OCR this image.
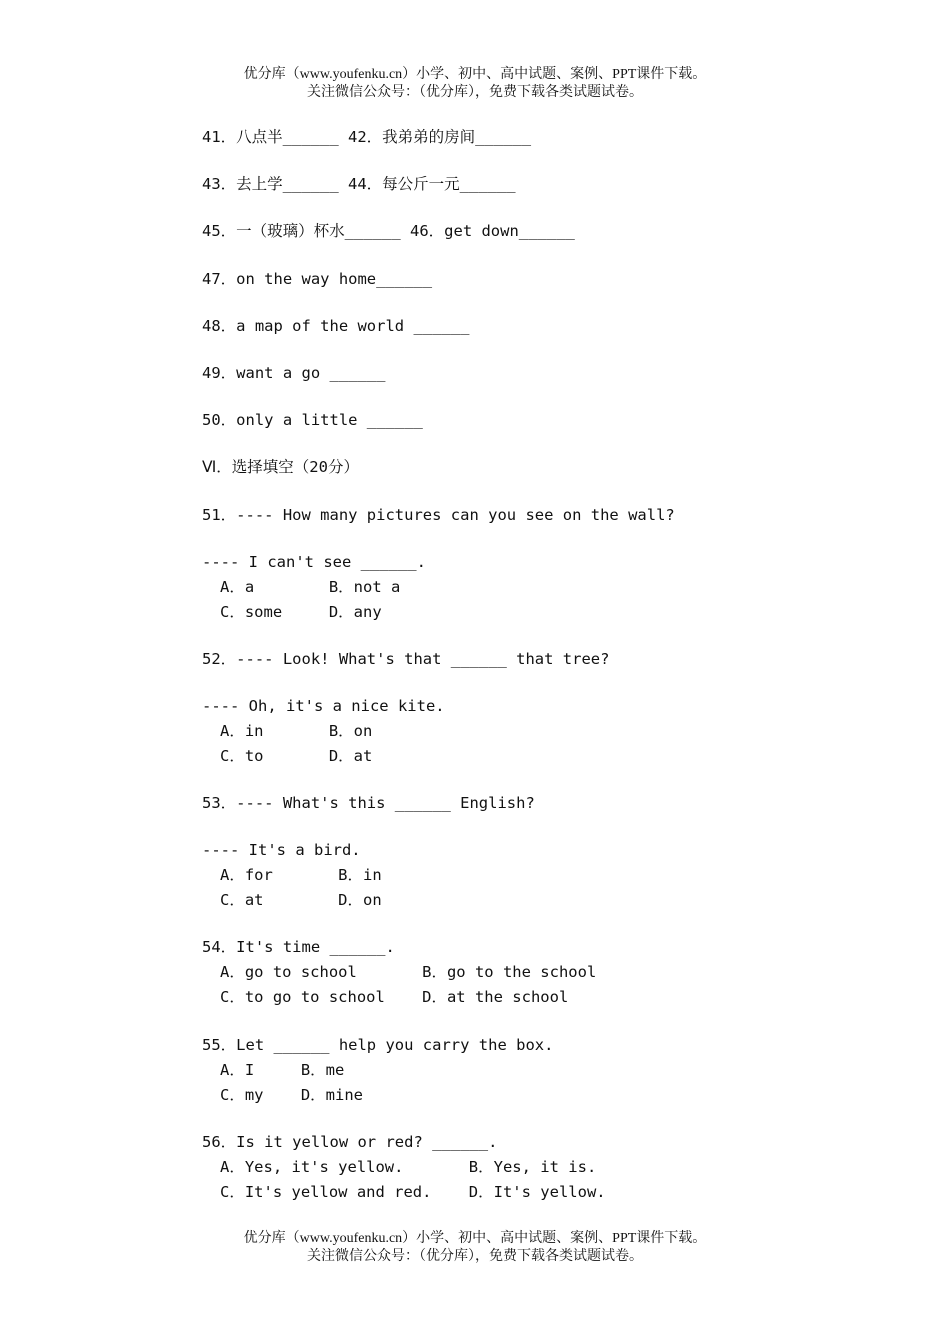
优分库（www.youfenku.cn）小学、初中、高中试题、案例、PPT课件下载。
关注微信公众号：（优分库），免费下载各类试题试卷。
41．八点半______ 42．我弟弟的房间______
43．去上学______ 44．每公斤一元______
45．一（玻璃）杯水______ 46．get down______
47．on the way home______
48．a map of the world ______
49．want a go ______
50．only a little ______
Ⅵ．选择填空（20分）
51．---- How many pictures can you see on the wall?
---- I can't see ______.
A．a        B．not a
C．some     D．any
52．---- Look! What's that ______ that tree?
---- Oh, it's a nice kite.
A．in       B．on
C．to       D．at
53．---- What's this ______ English?
---- It's a bird.
A．for       B．in
C．at        D．on
54．It's time ______.
A．go to school       B．go to the school
C．to go to school    D．at the school
55．Let ______ help you carry the box.
A．I     B．me
C．my    D．mine
56．Is it yellow or red? ______.
A．Yes, it's yellow.       B．Yes, it is.
C．It's yellow and red.    D．It's yellow.
优分库（www.youfenku.cn）小学、初中、高中试题、案例、PPT课件下载。
关注微信公众号：（优分库），免费下载各类试题试卷。
